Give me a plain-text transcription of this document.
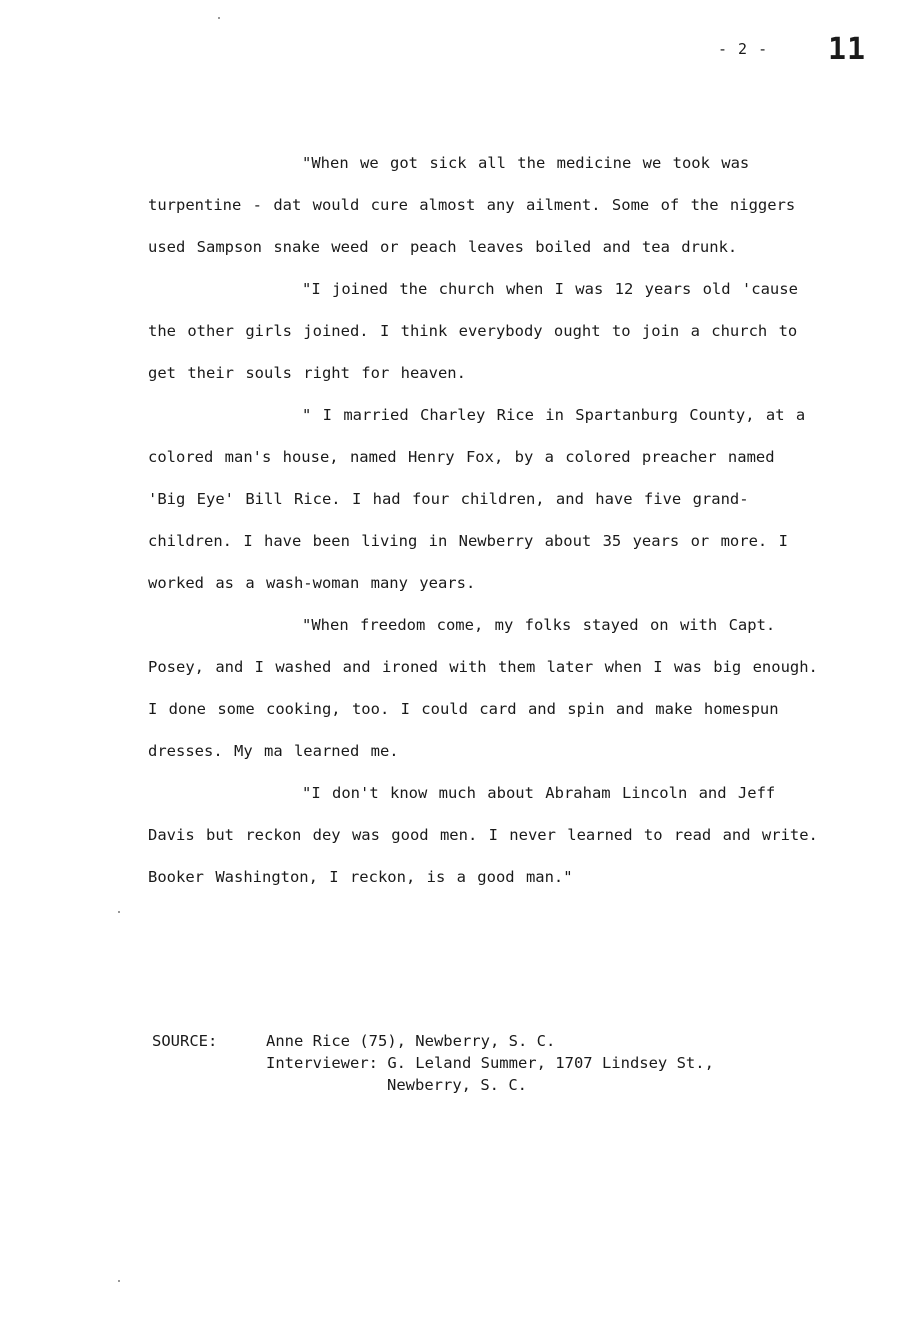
- 2 - 11

"When we got sick all the medicine we took was turpentine - dat would cure almost any ailment. Some of the niggers used Sampson snake weed or peach leaves boiled and tea drunk.

"I joined the church when I was 12 years old 'cause the other girls joined. I think everybody ought to join a church to get their souls right for heaven.

" I married Charley Rice in Spartanburg County, at a colored man's house, named Henry Fox, by a colored preacher named 'Big Eye' Bill Rice. I had four children, and have five grand-children. I have been living in Newberry about 35 years or more. I worked as a wash-woman many years.

"When freedom come, my folks stayed on with Capt. Posey, and I washed and ironed with them later when I was big enough. I done some cooking, too. I could card and spin and make homespun dresses. My ma learned me.

"I don't know much about Abraham Lincoln and Jeff Davis but reckon dey was good men. I never learned to read and write. Booker Washington, I reckon, is a good man."

SOURCE:	Anne Rice (75), Newberry, S. C.
Interviewer: G. Leland Summer, 1707 Lindsey St.,
Newberry, S. C.
